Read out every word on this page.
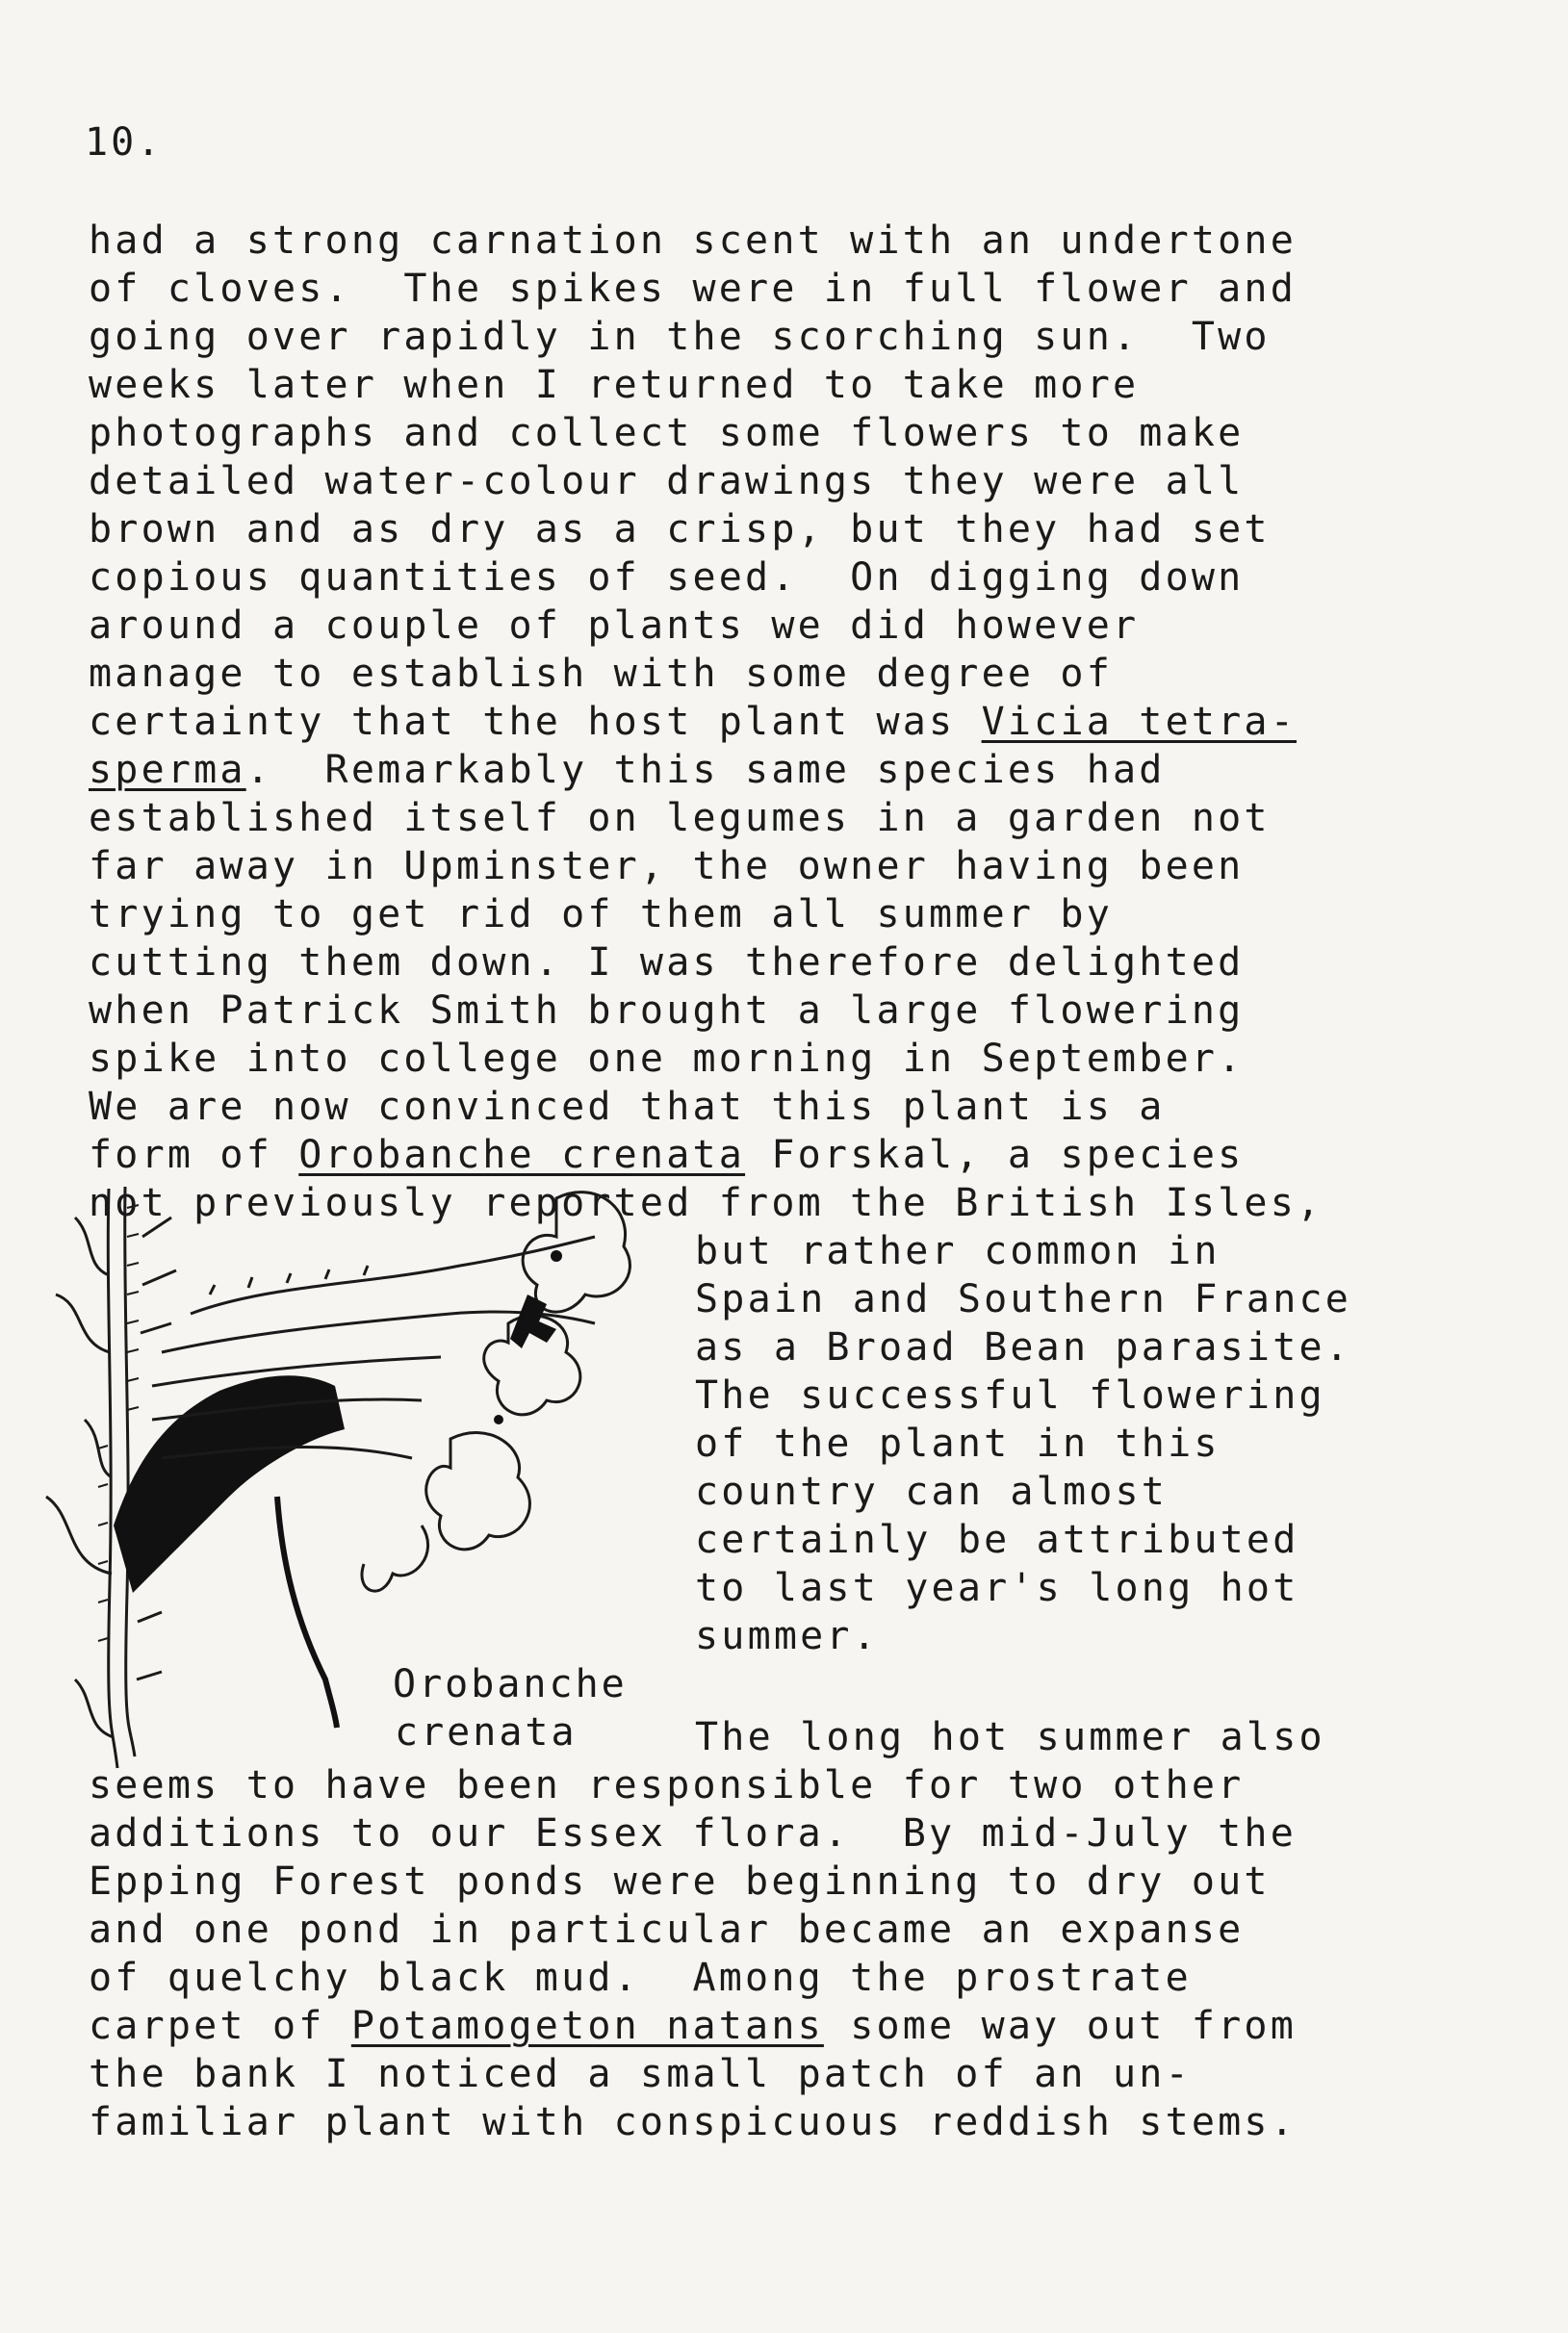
10.
had a strong carnation scent with an undertone
of cloves.  The spikes were in full flower and
going over rapidly in the scorching sun.  Two
weeks later when I returned to take more
photographs and collect some flowers to make
detailed water-colour drawings they were all
brown and as dry as a crisp, but they had set
copious quantities of seed.  On digging down
around a couple of plants we did however
manage to establish with some degree of
certainty that the host plant was Vicia tetra-
sperma.  Remarkably this same species had
established itself on legumes in a garden not
far away in Upminster, the owner having been
trying to get rid of them all summer by
cutting them down. I was therefore delighted
when Patrick Smith brought a large flowering
spike into college one morning in September.
We are now convinced that this plant is a
form of Orobanche crenata Forskal, a species
not previously reported from the British Isles,
but rather common in
Spain and Southern France
as a Broad Bean parasite.
The successful flowering
of the plant in this
country can almost
certainly be attributed
to last year's long hot
summer.
Orobanche
crenata	The long hot summer also
seems to have been responsible for two other
additions to our Essex flora.  By mid-July the
Epping Forest ponds were beginning to dry out
and one pond in particular became an expanse
of quelchy black mud.  Among the prostrate
carpet of Potamogeton natans some way out from
the bank I noticed a small patch of an un-
familiar plant with conspicuous reddish stems.
